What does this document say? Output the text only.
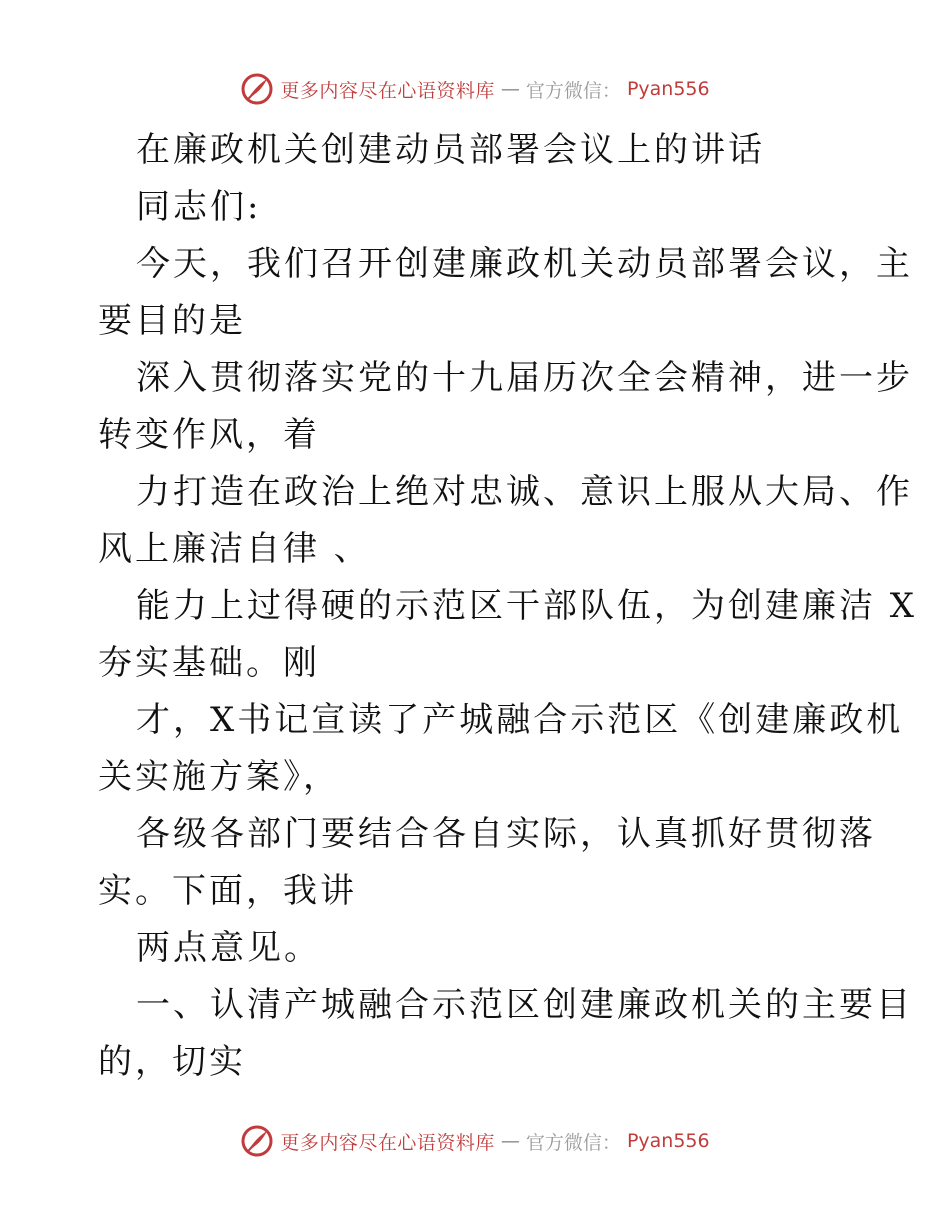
更多内容尽在心语资料库 — 官方微信： Pyan556
在廉政机关创建动员部署会议上的讲话
同志们:
今天，我们召开创建廉政机关动员部署会议，主
要目的是
深入贯彻落实党的十九届历次全会精神，进一步
转变作风，着
力打造在政治上绝对忠诚、意识上服从大局、作
风上廉洁自律 、
能力上过得硬的示范区干部队伍，为创建廉洁 X
夯实基础。刚
才，X书记宣读了产城融合示范区《创建廉政机
关实施方案》，
各级各部门要结合各自实际，认真抓好贯彻落
实。下面，我讲
两点意见。
一、认清产城融合示范区创建廉政机关的主要目
的，切实
更多内容尽在心语资料库 — 官方微信： Pyan556
